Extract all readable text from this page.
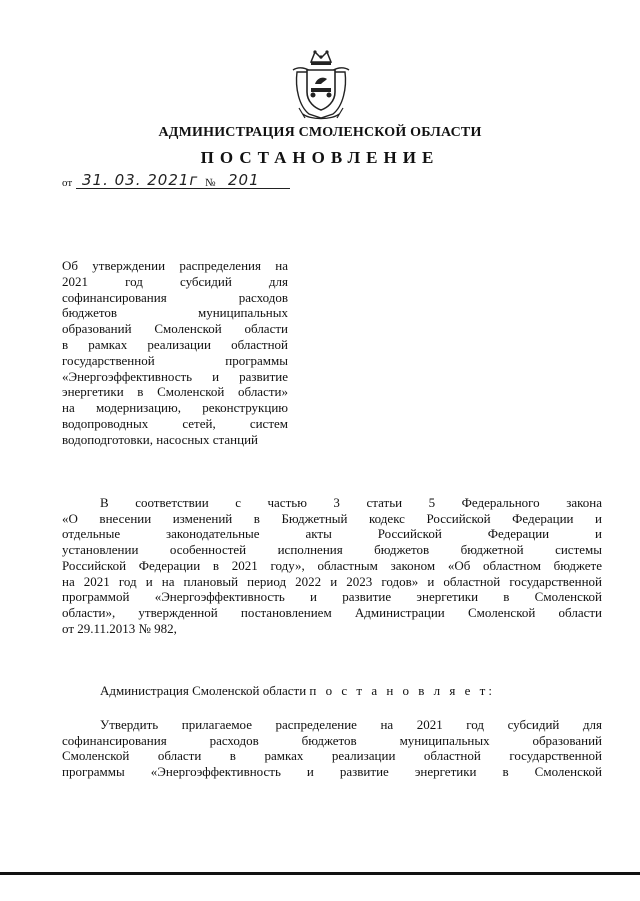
АДМИНИСТРАЦИЯ СМОЛЕНСКОЙ ОБЛАСТИ
ПОСТАНОВЛЕНИЕ
от 31. 03. 2021г № 201
Об утверждении распределения на
2021 год субсидий для
софинансирования расходов
бюджетов муниципальных
образований Смоленской области
в рамках реализации областной
государственной программы
«Энергоэффективность и развитие
энергетики в Смоленской области»
на модернизацию, реконструкцию
водопроводных сетей, систем
водоподготовки, насосных станций
В соответствии с частью 3 статьи 5 Федерального закона
«О внесении изменений в Бюджетный кодекс Российской Федерации и
отдельные законодательные акты Российской Федерации и
установлении особенностей исполнения бюджетов бюджетной системы
Российской Федерации в 2021 году», областным законом «Об областном бюджете
на 2021 год и на плановый период 2022 и 2023 годов» и областной государственной
программой «Энергоэффективность и развитие энергетики в Смоленской
области», утвержденной постановлением Администрации Смоленской области
от 29.11.2013 № 982,
Администрация Смоленской области п о с т а н о в л я е т:
Утвердить прилагаемое распределение на 2021 год субсидий для
софинансирования расходов бюджетов муниципальных образований
Смоленской области в рамках реализации областной государственной
программы «Энергоэффективность и развитие энергетики в Смоленской
